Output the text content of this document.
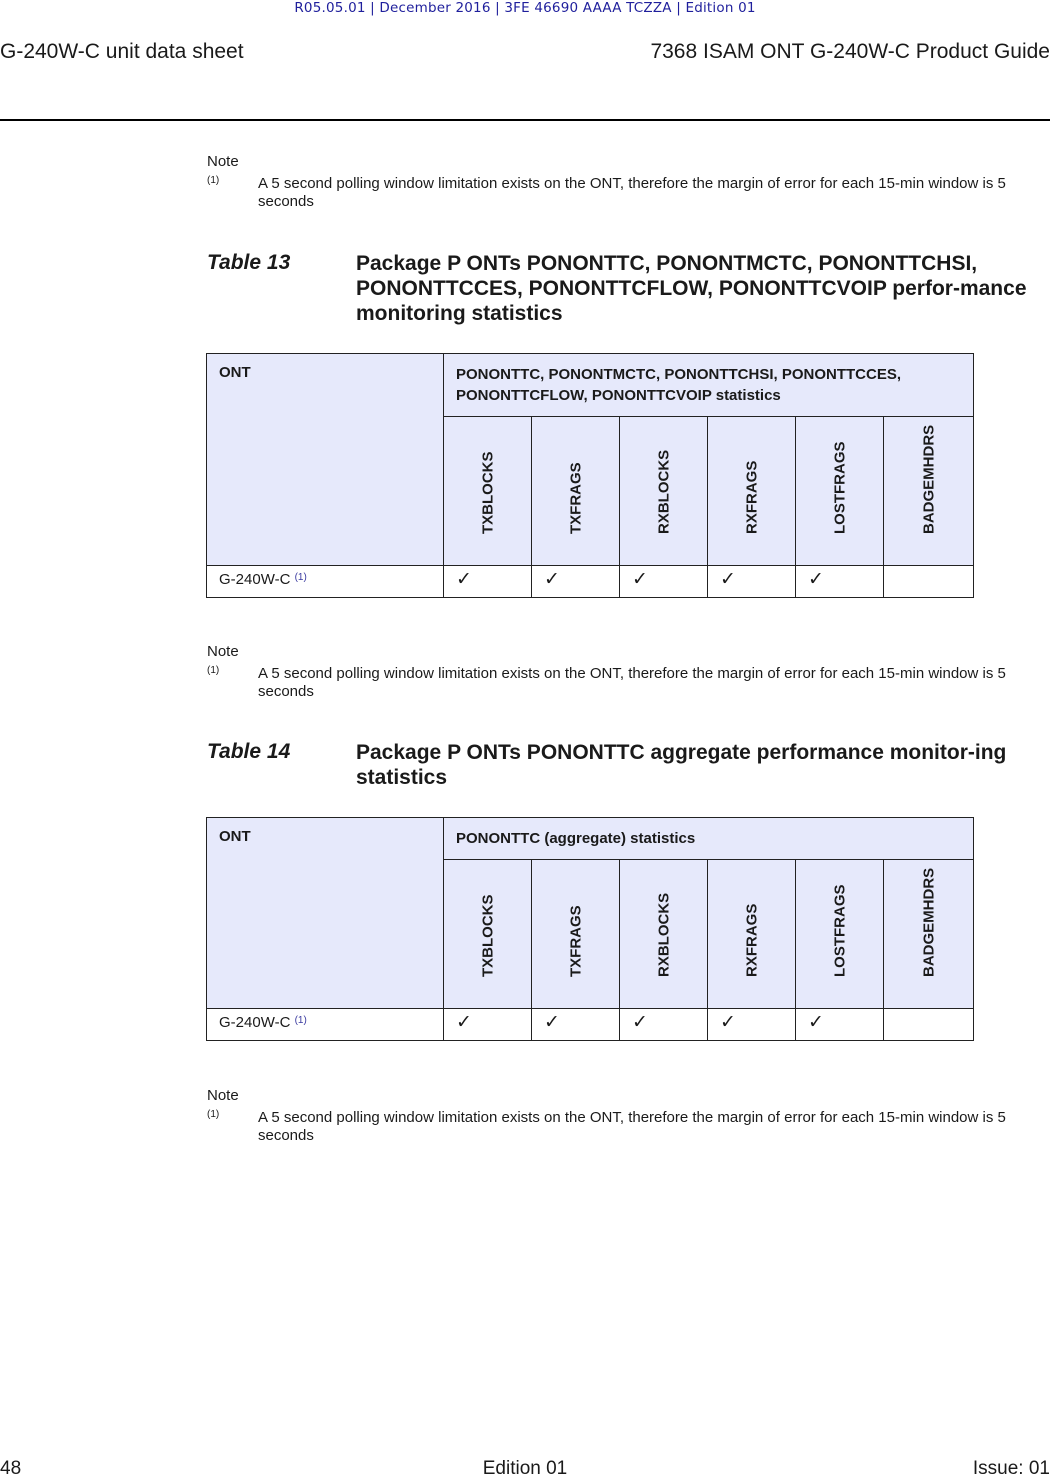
R05.05.01 | December 2016 | 3FE 46690 AAAA TCZZA | Edition 01
G-240W-C unit data sheet	7368 ISAM ONT G-240W-C Product Guide
Note
(1)	A 5 second polling window limitation exists on the ONT, therefore the margin of error for each 15-min window is 5 seconds
Table 13	Package P ONTs PONONTTC, PONONTMCTC, PONONTTCHSI, PONONTTCCES, PONONTTCFLOW, PONONTTCVOIP perfor-mance monitoring statistics
ONT	PONONTTC, PONONTMCTC, PONONTTCHSI, PONONTTCCES, PONONTTCFLOW, PONONTTCVOIP statistics					

	TXBLOCKS	TXFRAGS	RXBLOCKS	RXFRAGS	LOSTFRAGS	BADGEMHDRS

G-240W-C $^{(1)}$	✓	✓	✓	✓	✓	
Note
(1)	A 5 second polling window limitation exists on the ONT, therefore the margin of error for each 15-min window is 5 seconds
Table 14	Package P ONTs PONONTTC aggregate performance monitor-ing statistics
ONT	PONONTTC (aggregate) statistics					

	TXBLOCKS	TXFRAGS	RXBLOCKS	RXFRAGS	LOSTFRAGS	BADGEMHDRS

G-240W-C $^{(1)}$	✓	✓	✓	✓	✓	
Note
(1)	A 5 second polling window limitation exists on the ONT, therefore the margin of error for each 15-min window is 5 seconds
48	Edition 01	Issue: 01
